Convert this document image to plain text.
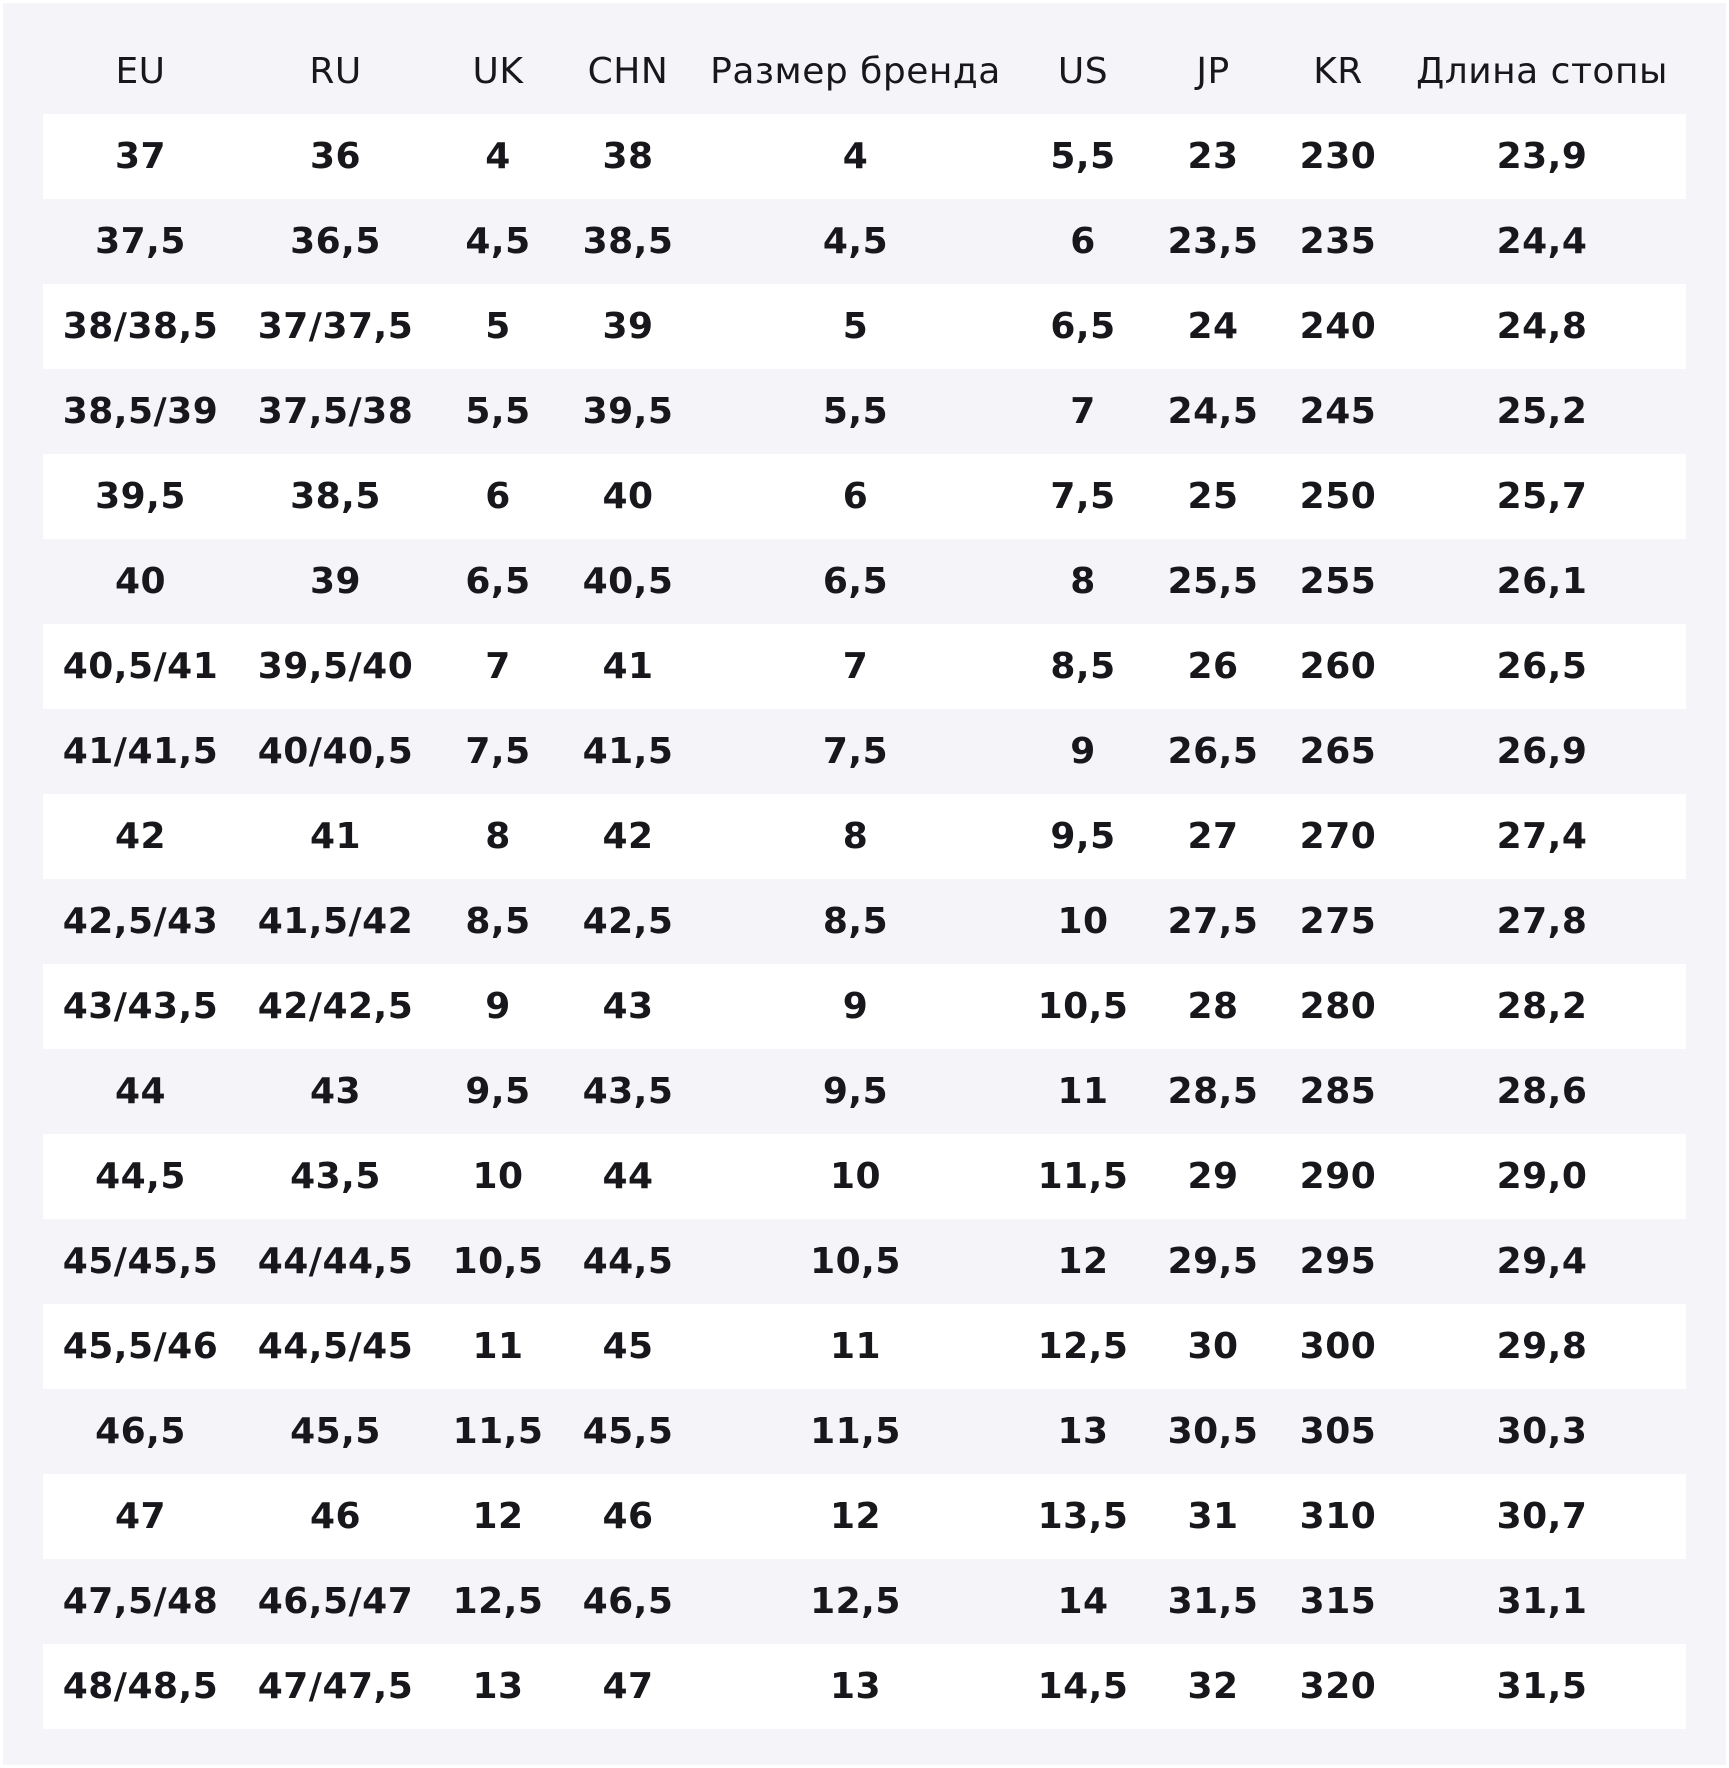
EU	RU	UK	CHN	Размер бренда	US	JP	KR	Длина стопы
37	36	4	38	4	5,5	23	230	23,9
37,5	36,5	4,5	38,5	4,5	6	23,5	235	24,4
38/38,5	37/37,5	5	39	5	6,5	24	240	24,8
38,5/39	37,5/38	5,5	39,5	5,5	7	24,5	245	25,2
39,5	38,5	6	40	6	7,5	25	250	25,7
40	39	6,5	40,5	6,5	8	25,5	255	26,1
40,5/41	39,5/40	7	41	7	8,5	26	260	26,5
41/41,5	40/40,5	7,5	41,5	7,5	9	26,5	265	26,9
42	41	8	42	8	9,5	27	270	27,4
42,5/43	41,5/42	8,5	42,5	8,5	10	27,5	275	27,8
43/43,5	42/42,5	9	43	9	10,5	28	280	28,2
44	43	9,5	43,5	9,5	11	28,5	285	28,6
44,5	43,5	10	44	10	11,5	29	290	29,0
45/45,5	44/44,5	10,5	44,5	10,5	12	29,5	295	29,4
45,5/46	44,5/45	11	45	11	12,5	30	300	29,8
46,5	45,5	11,5	45,5	11,5	13	30,5	305	30,3
47	46	12	46	12	13,5	31	310	30,7
47,5/48	46,5/47	12,5	46,5	12,5	14	31,5	315	31,1
48/48,5	47/47,5	13	47	13	14,5	32	320	31,5
